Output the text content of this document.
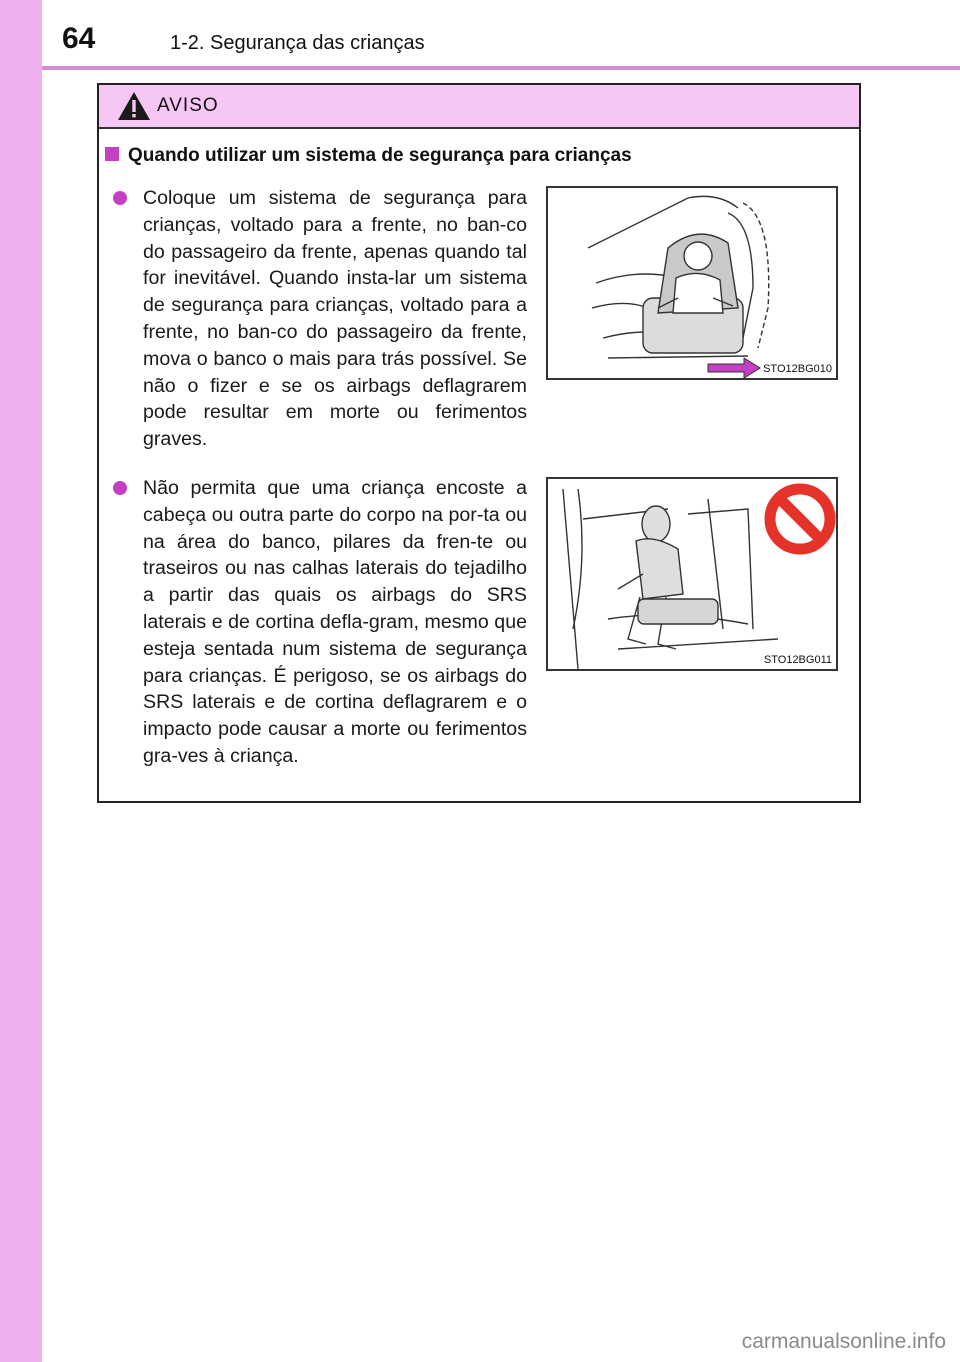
64	1-2. Segurança das crianças
AVISO
Quando utilizar um sistema de segurança para crianças
Coloque um sistema de segurança para crianças, voltado para a frente, no ban-co do passageiro da frente, apenas quando tal for inevitável. Quando insta-lar um sistema de segurança para crianças, voltado para a frente, no ban-co do passageiro da frente, mova o banco o mais para trás possível. Se não o fizer e se os airbags deflagrarem pode resultar em morte ou ferimentos graves.
Não permita que uma criança encoste a cabeça ou outra parte do corpo na por-ta ou na área do banco, pilares da fren-te ou traseiros ou nas calhas laterais do tejadilho a partir das quais os airbags do SRS laterais e de cortina defla-gram, mesmo que esteja sentada num sistema de segurança para crianças. É perigoso, se os airbags do SRS laterais e de cortina deflagrarem e o impacto pode causar a morte ou ferimentos gra-ves à criança.
STO12BG010
STO12BG011
carmanualsonline.info
